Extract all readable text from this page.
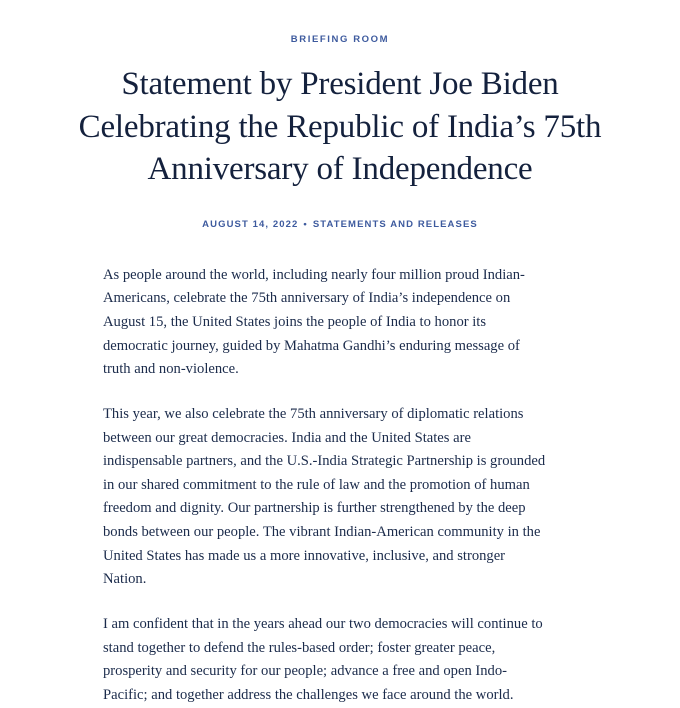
BRIEFING ROOM
Statement by President Joe Biden Celebrating the Republic of India’s 75th Anniversary of Independence
AUGUST 14, 2022 • STATEMENTS AND RELEASES

As people around the world, including nearly four million proud Indian-Americans, celebrate the 75th anniversary of India’s independence on August 15, the United States joins the people of India to honor its democratic journey, guided by Mahatma Gandhi’s enduring message of truth and non-violence.

This year, we also celebrate the 75th anniversary of diplomatic relations between our great democracies. India and the United States are indispensable partners, and the U.S.-India Strategic Partnership is grounded in our shared commitment to the rule of law and the promotion of human freedom and dignity. Our partnership is further strengthened by the deep bonds between our people. The vibrant Indian-American community in the United States has made us a more innovative, inclusive, and stronger Nation.

I am confident that in the years ahead our two democracies will continue to stand together to defend the rules-based order; foster greater peace, prosperity and security for our people; advance a free and open Indo-Pacific; and together address the challenges we face around the world.
